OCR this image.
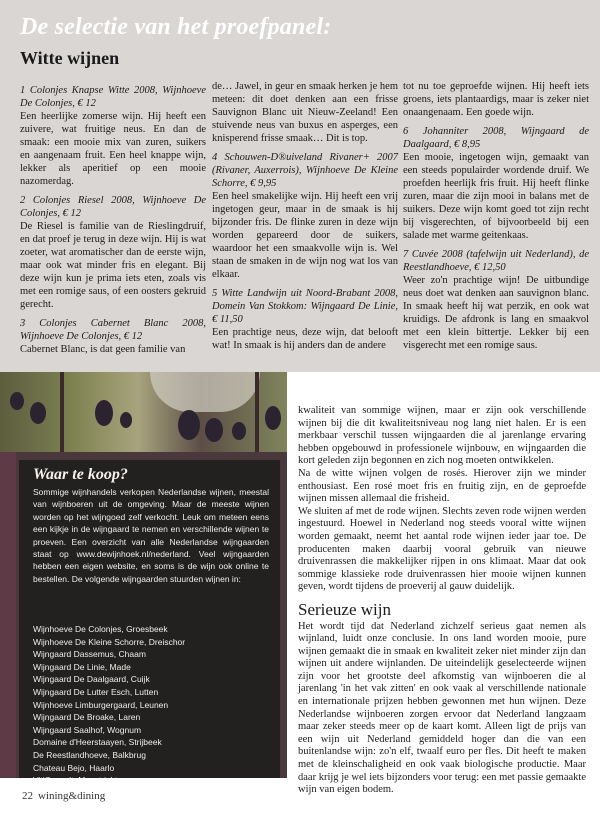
De selectie van het proefpanel:
Witte wijnen
1 Colonjes Knapse Witte 2008, Wijnhoeve De Colonjes, € 12

Een heerlijke zomerse wijn. Hij heeft een zuivere, wat fruitige neus. En dan de smaak: een mooie mix van zuren, suikers en aangenaam fruit. Een heel knappe wijn, lekker als aperitief op een mooie nazomerdag.

2 Colonjes Riesel 2008, Wijnhoeve De Colonjes, € 12

De Riesel is familie van de Rieslingdruif, en dat proef je terug in deze wijn. Hij is wat zoeter, wat aromatischer dan de eerste wijn, maar ook wat minder fris en elegant. Bij deze wijn kun je prima iets eten, zoals vis met een romige saus, of een oosters gekruid gerecht.

3 Colonjes Cabernet Blanc 2008, Wijnhoeve De Colonjes, € 12

Cabernet Blanc, is dat geen familie van

de… Jawel, in geur en smaak herken je hem meteen: dit doet denken aan een frisse Sauvignon Blanc uit Nieuw-Zeeland! Een stuivende neus van buxus en asperges, een knisperend frisse smaak… Dit is top.

4 Schouwen-D®uiveland Rivaner+ 2007 (Rivaner, Auxerrois), Wijnhoeve De Kleine Schorre, € 9,95

Een heel smakelijke wijn. Hij heeft een vrij ingetogen geur, maar in de smaak is hij bijzonder fris. De flinke zuren in deze wijn worden gepareerd door de suikers, waardoor het een smaakvolle wijn is. Wel staan de smaken in de wijn nog wat los van elkaar.

5 Witte Landwijn uit Noord-Brabant 2008, Domein Van Stokkom: Wijngaard De Linie, € 11,50

Een prachtige neus, deze wijn, dat belooft wat! In smaak is hij anders dan de andere

tot nu toe geproefde wijnen. Hij heeft iets groens, iets plantaardigs, maar is zeker niet onaangenaam. Een goede wijn.

6 Johanniter 2008, Wijngaard de Daalgaard, € 8,95

Een mooie, ingetogen wijn, gemaakt van een steeds populairder wordende druif. We proefden heerlijk fris fruit. Hij heeft flinke zuren, maar die zijn mooi in balans met de suikers. Deze wijn komt goed tot zijn recht bij visgerechten, of bijvoorbeeld bij een salade met warme geitenkaas.

7 Cuvée 2008 (tafelwijn uit Nederland), de Reestlandhoeve, € 12,50

Weer zo'n prachtige wijn! De uitbundige neus doet wat denken aan sauvignon blanc. In smaak heeft hij wat perzik, en ook wat kruidigs. De afdronk is lang en smaakvol met een klein bittertje. Lekker bij een visgerecht met een romige saus.

Waar te koop?

Sommige wijnhandels verkopen Nederlandse wijnen, meestal van wijnboeren uit de omgeving. Maar de meeste wijnen worden op het wijngoed zelf verkocht. Leuk om meteen eens een kijkje in de wijngaard te nemen en verschillende wijnen te proeven. Een overzicht van alle Nederlandse wijngaarden staat op www.dewijnhoek.nl/nederland. Veel wijngaarden hebben een eigen website, en soms is de wijn ook online te bestellen. De volgende wijngaarden stuurden wijnen in:

Wijnhoeve De Colonjes, Groesbeek
Wijnhoeve De Kleine Schorre, Dreischor
Wijngaard Dassemus, Chaam
Wijngaard De Linie, Made
Wijngaard De Daalgaard, Cuijk
Wijngaard De Lutter Esch, Lutten
Wijnhoeve Limburgergaard, Leunen
Wijngaard De Broake, Laren
Wijngaard Saalhof, Wognum
Domaine d'Heerstaayen, Strijbeek
De Reestlandhoeve, Balkbrug
Chateau Bejo, Haarlo
22 wining&dining

kwaliteit van sommige wijnen, maar er zijn ook verschillende wijnen bij die dit kwaliteitsniveau nog lang niet halen. Er is een merkbaar verschil tussen wijngaarden die al jarenlange ervaring hebben opgebouwd in professionele wijnbouw, en wijngaarden die kort geleden zijn begonnen en zich nog moeten ontwikkelen.

Na de witte wijnen volgen de rosés. Hierover zijn we minder enthousiast. Een rosé moet fris en fruitig zijn, en de geproefde wijnen missen allemaal die frisheid.

We sluiten af met de rode wijnen. Slechts zeven rode wijnen werden ingestuurd. Hoewel in Nederland nog steeds vooral witte wijnen worden gemaakt, neemt het aantal rode wijnen ieder jaar toe. De producenten maken daarbij vooral gebruik van nieuwe druivenrassen die makkelijker rijpen in ons klimaat. Maar dat ook sommige klassieke rode druivenrassen hier mooie wijnen kunnen geven, wordt tijdens de proeverij al gauw duidelijk.

Serieuze wijn

Het wordt tijd dat Nederland zichzelf serieus gaat nemen als wijnland, luidt onze conclusie. In ons land worden mooie, pure wijnen gemaakt die in smaak en kwaliteit zeker niet minder zijn dan wijnen uit andere wijnlanden. De uiteindelijk geselecteerde wijnen zijn voor het grootste deel afkomstig van wijnboeren die al jarenlang 'in het vak zitten' en ook vaak al verschillende nationale en internationale prijzen hebben gewonnen met hun wijnen. Deze Nederlandse wijnboeren zorgen ervoor dat Nederland langzaam maar zeker steeds meer op de kaart komt. Alleen ligt de prijs van een wijn uit Nederland gemiddeld hoger dan die van een buitenlandse wijn: zo'n elf, twaalf euro per fles. Dit heeft te maken met de kleinschaligheid en ook vaak biologische productie. Maar daar krijg je wel iets bijzonders voor terug: een met passie gemaakte wijn van eigen bodem.
